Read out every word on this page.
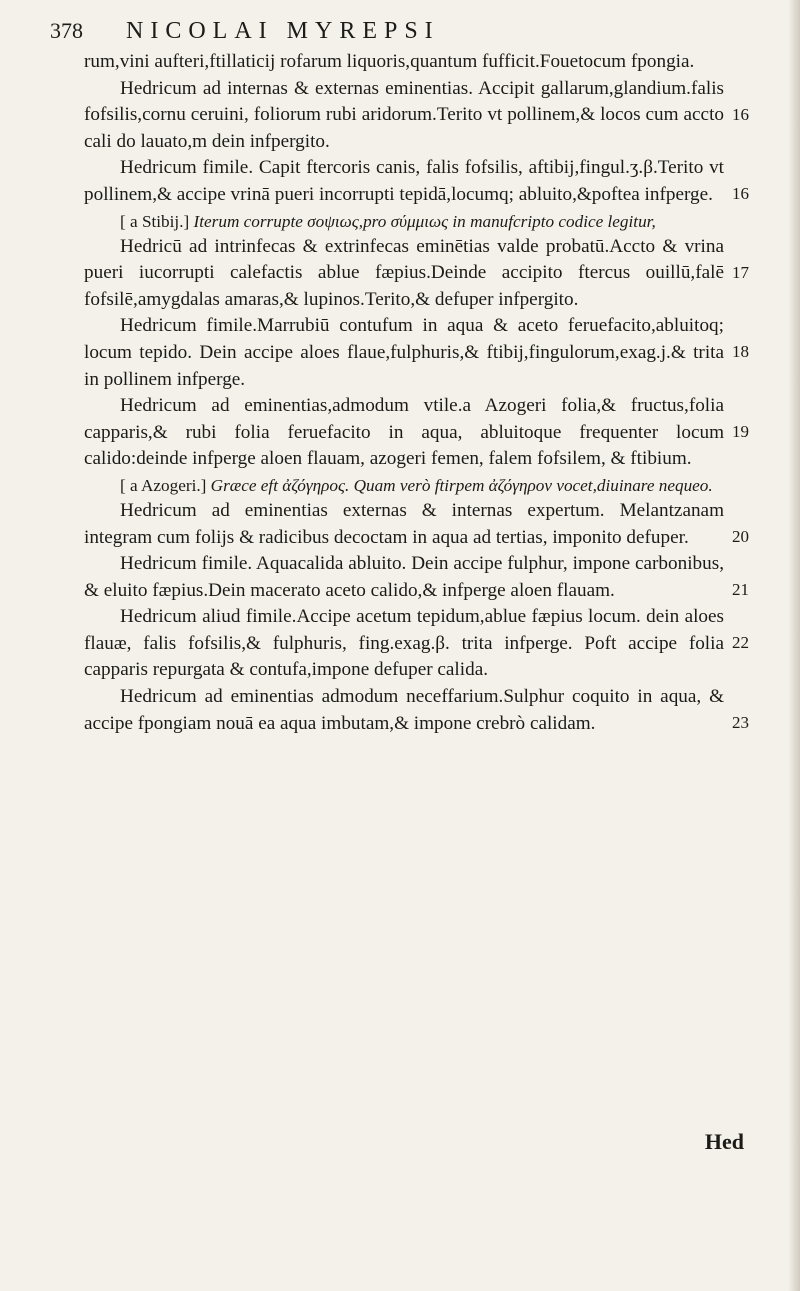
378	NICOLAI MYREPSI

rum,vini aufteri,ftillaticij rofarum liquoris,quantum fufficit.Fouetocum fpongia.

Hedricum ad internas & externas eminentias. Accipit gallarum,glandium.falis fofsilis,cornu ceruini, foliorum rubi aridorum.Terito vt pollinem,& locos cum accto cali do lauato,m dein infpergito.

16

Hedricum fimile. Capit ftercoris canis, falis fofsilis, aftibij,fingul.ʒ.β.Terito vt pollinem,& accipe vrinā pueri incorrupti tepidā,locumq; abluito,&poftea infperge.	16

[ a Stibij.] Iterum corrupte σοψιως,pro σύμμιως in manufcripto codice legitur,

Hedricū ad intrinfecas & extrinfecas eminētias valde probatū.Accto & vrina pueri iucorrupti calefactis ablue fæpius.Deinde accipito ftercus ouillū,falē fofsilē,amygdalas amaras,& lupinos.Terito,& defuper infpergito.

17

Hedricum fimile.Marrubiū contufum in aqua & aceto feruefacito,abluitoq; locum tepido. Dein accipe aloes flaue,fulphuris,& ftibij,fingulorum,exag.j.& trita in pollinem infperge.

18

Hedricum ad eminentias,admodum vtile.a Azogeri folia,& fructus,folia capparis,& rubi folia feruefacito in aqua, abluitoque frequenter locum calido:deinde infperge aloen flauam, azogeri femen, falem fofsilem, & ftibium.

19

[ a Azogeri.] Græce eft ἀζόγηρος. Quam verò ftirpem ἀζόγηρον vocet,diuinare nequeo.

Hedricum ad eminentias externas & internas expertum. Melantzanam integram cum folijs & radicibus decoctam in aqua ad tertias, imponito defuper.	20

Hedricum fimile. Aquacalida abluito. Dein accipe fulphur, impone carbonibus, & eluito fæpius.Dein macerato aceto calido,& infperge aloen flauam.	21

Hedricum aliud fimile.Accipe acetum tepidum,ablue fæpius locum. dein aloes flauæ, falis fofsilis,& fulphuris, fing.exag.β. trita infperge. Poft accipe folia capparis repurgata & contufa,impone defuper calida.

22

Hedricum ad eminentias admodum neceffarium.Sulphur coquito in aqua, & accipe fpongiam nouā ea aqua imbutam,& impone crebrò calidam.	23
Hed
